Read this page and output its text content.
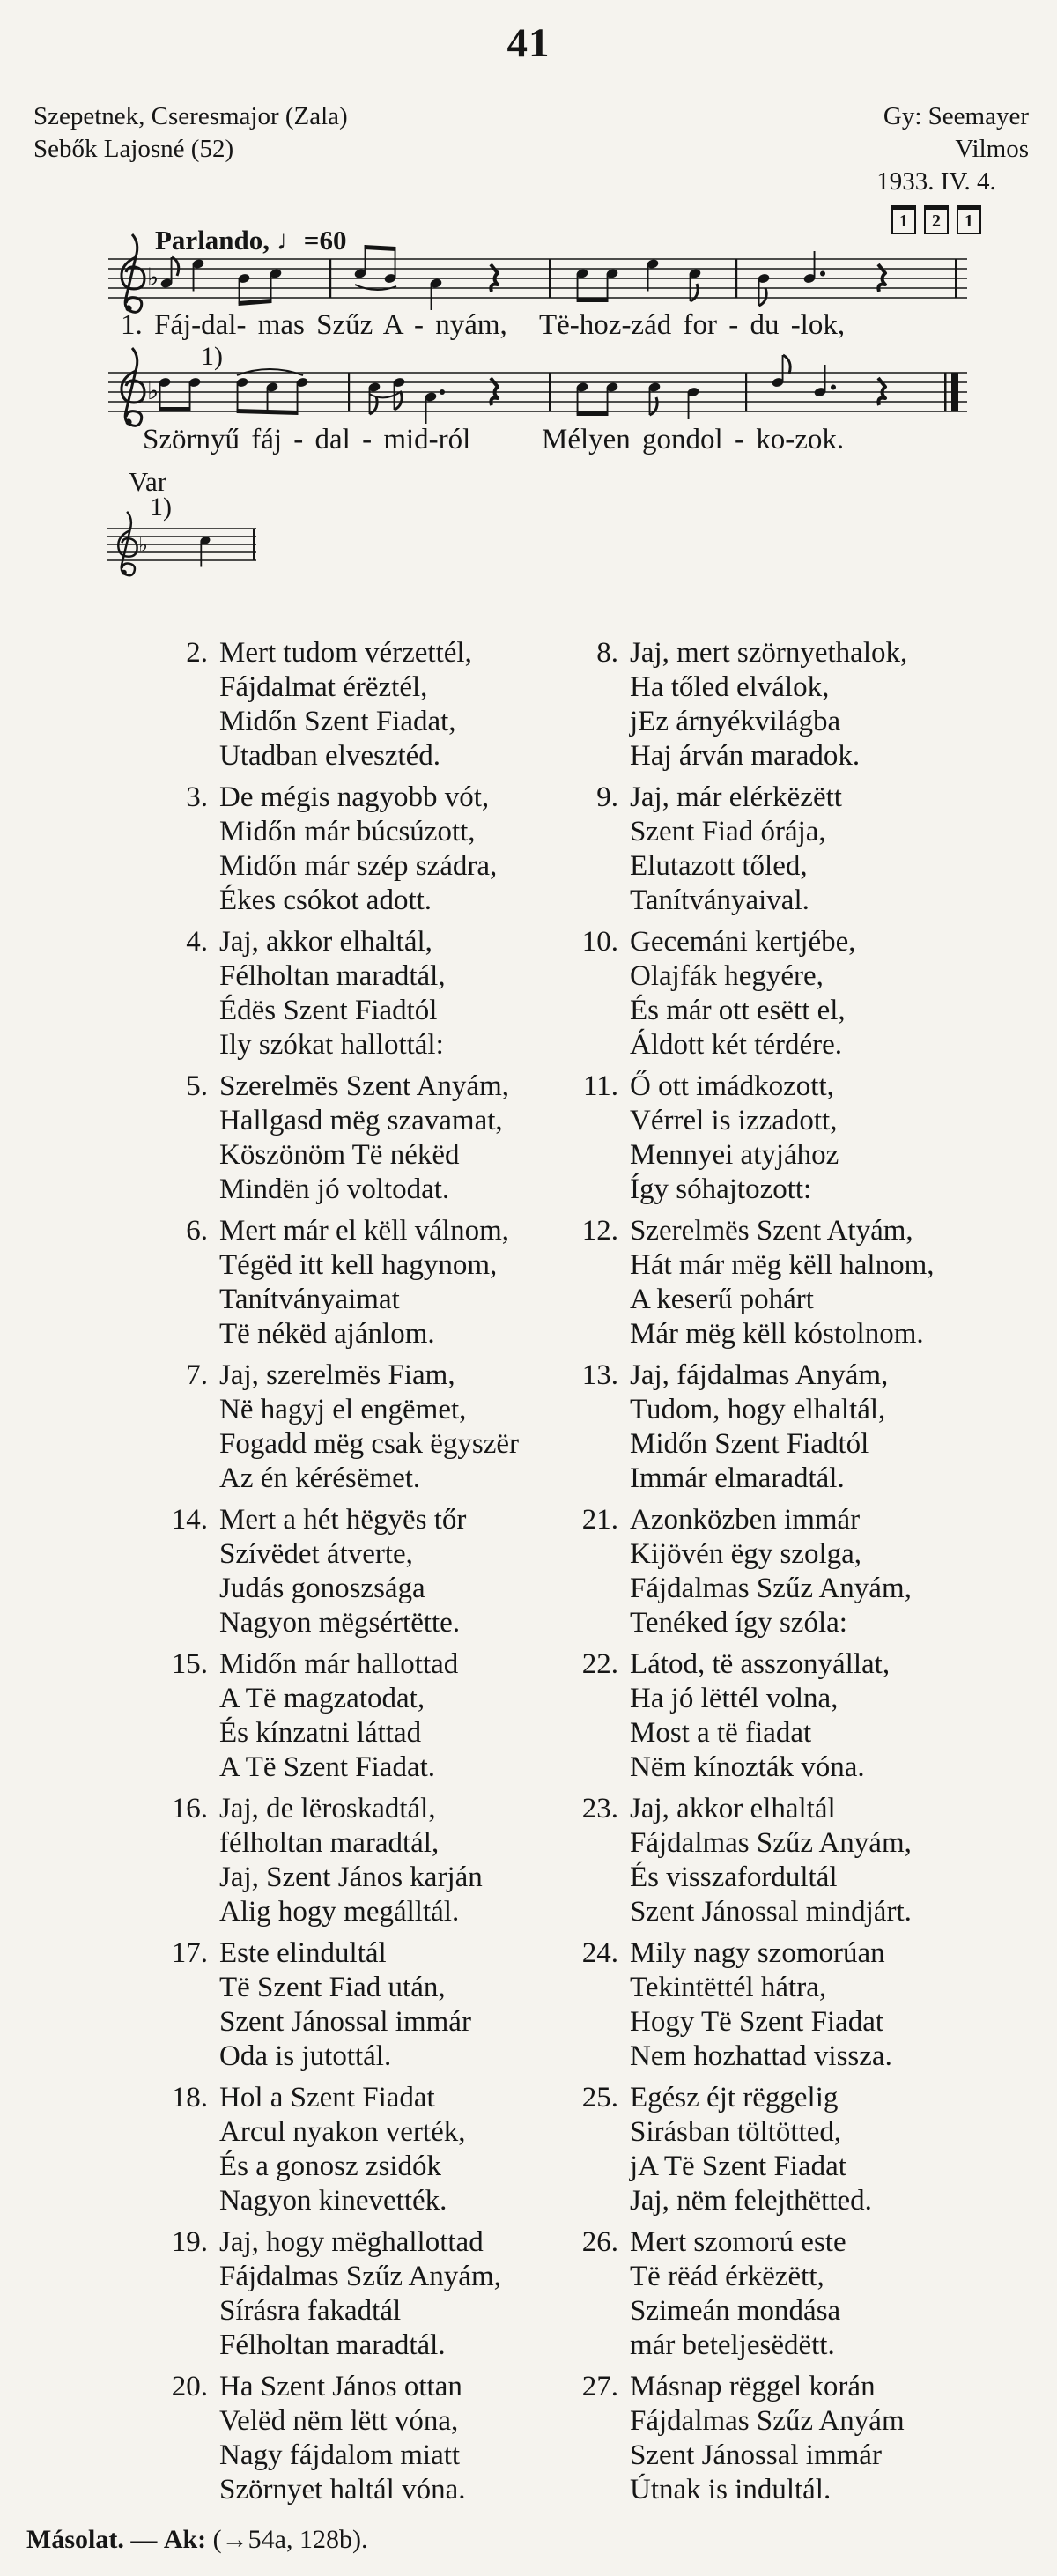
41
Szepetnek, Cseresmajor (Zala)
Sebők Lajosné (52)
Gy: Seemayer Vilmos
1933. IV. 4.
1	2	1
Parlando, ♩=60
♭
1. Fáj-dal- mas Szűz A - nyám, Të-hoz-zád for - du -lok,
1)
♭
Szörnyű fáj - dal - mid-ról Mélyen gondol - ko-zok.
Var
1)
♭
2. Mert tudom vérzettél,
Fájdalmat érëztél,
Midőn Szent Fiadat,
Utadban elvesztéd.
3. De mégis nagyobb vót,
Midőn már búcsúzott,
Midőn már szép szádra,
Ékes csókot adott.
4. Jaj, akkor elhaltál,
Félholtan maradtál,
Édës Szent Fiadtól
Ily szókat hallottál:
5. Szerelmës Szent Anyám,
Hallgasd mëg szavamat,
Köszönöm Të nékëd
Mindën jó voltodat.
6. Mert már el këll válnom,
Tégëd itt kell hagynom,
Tanítványaimat
Të nékëd ajánlom.
7. Jaj, szerelmës Fiam,
Në hagyj el engëmet,
Fogadd mëg csak ëgyszër
Az én kérésëmet.
14. Mert a hét hëgyës tőr
Szívëdet átverte,
Judás gonoszsága
Nagyon mëgsértëtte.
15. Midőn már hallottad
A Të magzatodat,
És kínzatni láttad
A Të Szent Fiadat.
16. Jaj, de lëroskadtál,
félholtan maradtál,
Jaj, Szent János karján
Alig hogy megálltál.
17. Este elindultál
Të Szent Fiad után,
Szent Jánossal immár
Oda is jutottál.
18. Hol a Szent Fiadat
Arcul nyakon verték,
És a gonosz zsidók
Nagyon kinevették.
19. Jaj, hogy mëghallottad
Fájdalmas Szűz Anyám,
Sírásra fakadtál
Félholtan maradtál.
20. Ha Szent János ottan
Velëd nëm lëtt vóna,
Nagy fájdalom miatt
Szörnyet haltál vóna.
8. Jaj, mert szörnyethalok,
Ha tőled elválok,
jEz árnyékvilágba
Haj árván maradok.
9. Jaj, már elérkëzëtt
Szent Fiad órája,
Elutazott tőled,
Tanítványaival.
10. Gecemáni kertjébe,
Olajfák hegyére,
És már ott esëtt el,
Áldott két térdére.
11. Ő ott imádkozott,
Vérrel is izzadott,
Mennyei atyjához
Így sóhajtozott:
12. Szerelmës Szent Atyám,
Hát már mëg këll halnom,
A keserű pohárt
Már mëg këll kóstolnom.
13. Jaj, fájdalmas Anyám,
Tudom, hogy elhaltál,
Midőn Szent Fiadtól
Immár elmaradtál.
21. Azonközben immár
Kijövén ëgy szolga,
Fájdalmas Szűz Anyám,
Tenéked így szóla:
22. Látod, të asszonyállat,
Ha jó lëttél volna,
Most a të fiadat
Nëm kínozták vóna.
23. Jaj, akkor elhaltál
Fájdalmas Szűz Anyám,
És visszafordultál
Szent Jánossal mindjárt.
24. Mily nagy szomorúan
Tekintëttél hátra,
Hogy Të Szent Fiadat
Nem hozhattad vissza.
25. Egész éjt rëggelig
Sirásban töltötted,
jA Të Szent Fiadat
Jaj, nëm felejthëtted.
26. Mert szomorú este
Të rëád érkëzëtt,
Szimeán mondása
már beteljesëdëtt.
27. Másnap rëggel korán
Fájdalmas Szűz Anyám
Szent Jánossal immár
Útnak is indultál.
Másolat. — Ak: (→54a, 128b).
